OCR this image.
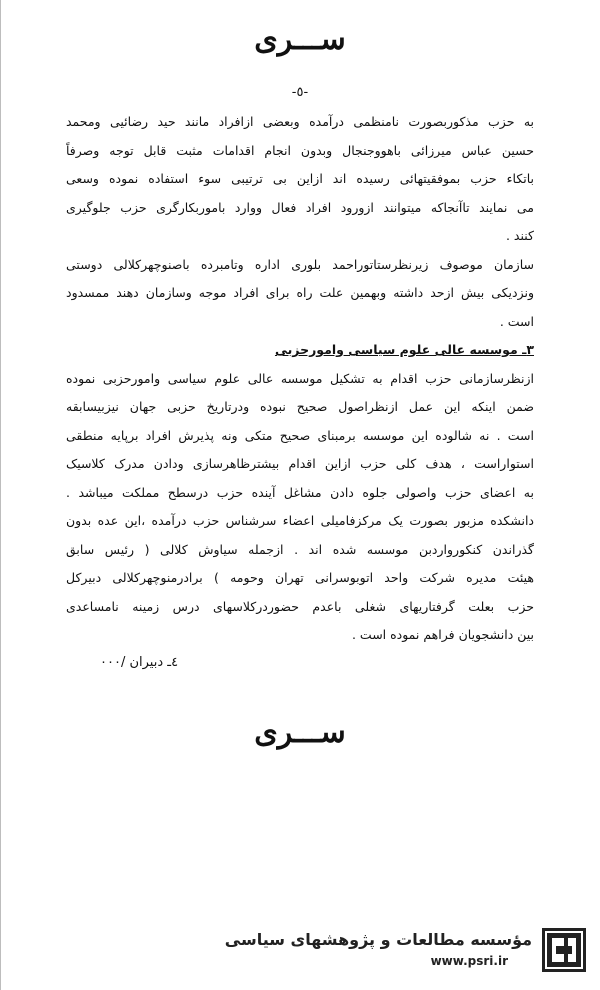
ســـرى
-٥-

به حزب مذکوربصورت نامنظمی درآمده وبعضی ازافراد مانند حید رضائیی ومحمد
حسین عباس میرزائی باهووجنجال وبدون انجام اقدامات مثبت قابل توجه وصرفاً
باتکاء حزب بموفقیتهائی رسیده اند ازاین بی ترتیبی سوء استفاده نموده وسعی
می نمایند تاآنجاکه میتوانند ازورود افراد فعال ووارد باموربکارگری حزب جلوگیری
کنند .

سازمان موصوف زیرنظرستاتوراحمد بلوری اداره وتامبرده باصنوچهرکلالی دوستی
ونزدیکی بیش ازحد داشته وبهمین علت راه برای افراد موجه وسازمان دهند ممسدود
است .

٣ـ موسسه عالی علوم سیاسی وامورحزبی
ازنظرسازمانی حزب اقدام به تشکیل موسسه عالی علوم سیاسی وامورحزبی نموده
ضمن اینکه این عمل ازنظراصول صحیح نبوده ودرتاریخ حزبی جهان نیزبیسابقه
است . نه شالوده این موسسه برمبنای صحیح متکی ونه پذیرش افراد برپایه منطقی
استواراست ، هدف کلی حزب ازاین اقدام بیشترظاهرسازی ودادن مدرک کلاسیک
به اعضای حزب واصولی جلوه دادن مشاغل آینده حزب درسطح مملکت میباشد .
دانشکده مزبور بصورت یک مرکزفامیلی اعضاء سرشناس حزب درآمده ،این عده بدون
گذراندن کنکورواردبن موسسه شده اند . ازجمله سیاوش کلالی ( رئیس سابق
هیئت مدیره شرکت واحد اتوبوسرانی تهران وحومه ) برادرمنوچهرکلالی دبیرکل
حزب بعلت گرفتاریهای شغلی باعدم حضوردرکلاسهای درس زمینه نامساعدی
بین دانشجویان فراهم نموده است .

٤ـ دبیران /٠٠٠
ســـرى
مؤسسه مطالعات و پژوهشهای سیاسی
www.psri.ir
